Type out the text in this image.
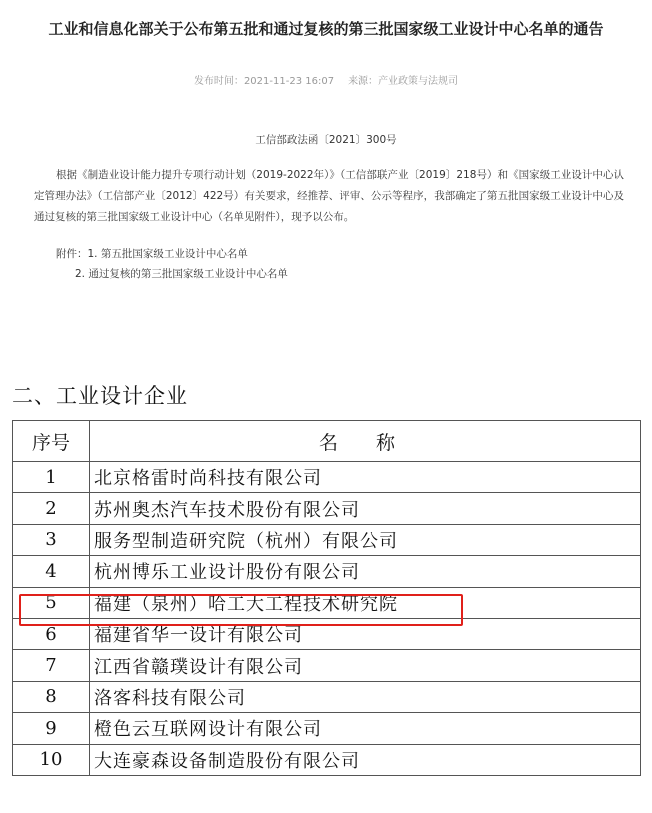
工业和信息化部关于公布第五批和通过复核的第三批国家级工业设计中心名单的通告
发布时间：2021-11-23 16:07 来源：产业政策与法规司
工信部政法函〔2021〕300号
根据《制造业设计能力提升专项行动计划（2019-2022年）》（工信部联产业〔2019〕218号）和《国家级工业设计中心认定管理办法》（工信部产业〔2012〕422号）有关要求，经推荐、评审、公示等程序，我部确定了第五批国家级工业设计中心及通过复核的第三批国家级工业设计中心（名单见附件），现予以公布。
附件：1. 第五批国家级工业设计中心名单
2. 通过复核的第三批国家级工业设计中心名单
二、工业设计企业
序号	名 称
1	北京格雷时尚科技有限公司
2	苏州奥杰汽车技术股份有限公司
3	服务型制造研究院（杭州）有限公司
4	杭州博乐工业设计股份有限公司
5	福建（泉州）哈工大工程技术研究院
6	福建省华一设计有限公司
7	江西省赣璞设计有限公司
8	洛客科技有限公司
9	橙色云互联网设计有限公司
10	大连豪森设备制造股份有限公司
